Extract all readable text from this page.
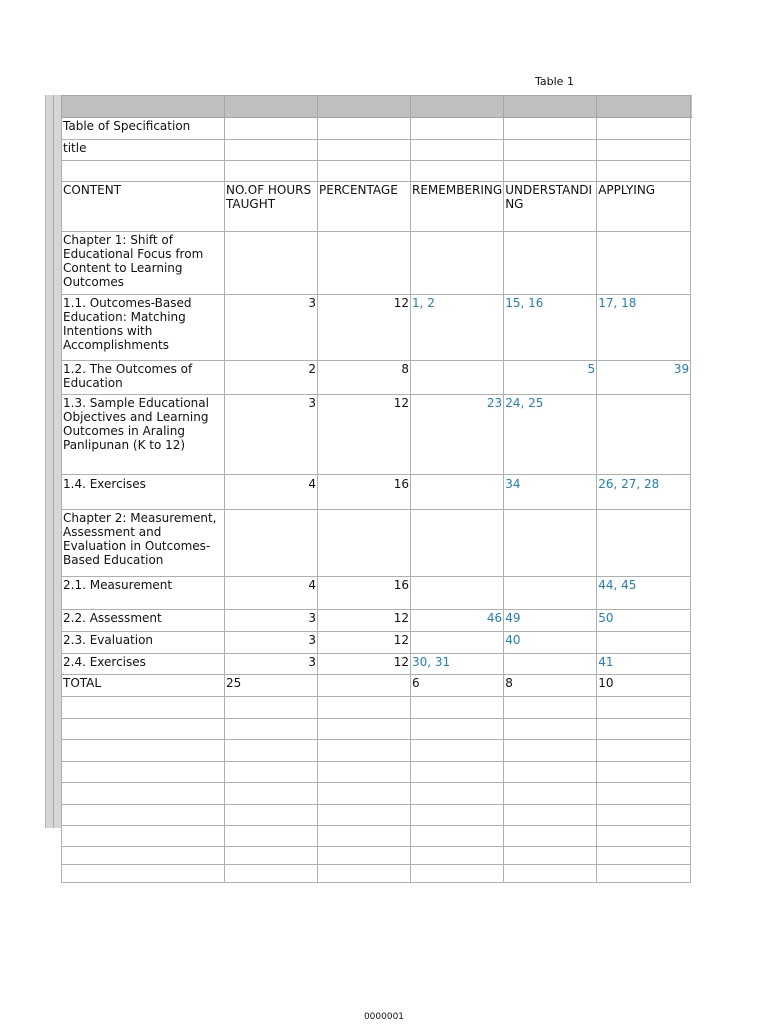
Table 1

Table of Specification					
title					

CONTENT	NO.OF HOURS TAUGHT	PERCENTAGE	REMEMBERING	UNDERSTANDI NG	APPLYING
Chapter 1: Shift of Educational Focus from Content to Learning Outcomes					
1.1. Outcomes-Based Education: Matching Intentions with Accomplishments	3	12	1, 2	15, 16	17, 18
1.2. The Outcomes of Education	2	8		5	39
1.3. Sample Educational Objectives and Learning Outcomes in Araling Panlipunan (K to 12)	3	12	23	24, 25	
1.4. Exercises	4	16		34	26, 27, 28
Chapter 2: Measurement, Assessment and Evaluation in Outcomes-Based Education					
2.1. Measurement	4	16			44, 45
2.2. Assessment	3	12	46	49	50
2.3. Evaluation	3	12		40	
2.4. Exercises	3	12	30, 31		41
TOTAL	25		6	8	10

0000001
